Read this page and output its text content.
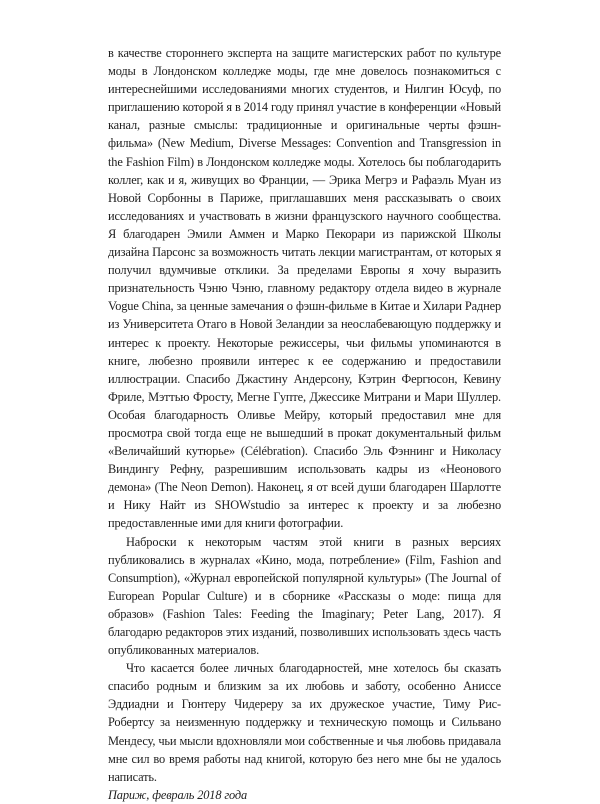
в качестве стороннего эксперта на защите магистерских работ по культуре моды в Лондонском колледже моды, где мне довелось познакомиться с интереснейшими исследованиями многих студентов, и Нилгин Юсуф, по приглашению которой я в 2014 году принял участие в конференции «Новый канал, разные смыслы: традиционные и оригинальные черты фэшн-фильма» (New Medium, Diverse Messages: Convention and Transgression in the Fashion Film) в Лондонском колледже моды. Хотелось бы поблагодарить коллег, как и я, живущих во Франции, — Эрика Мегрэ и Рафаэль Муан из Новой Сорбонны в Париже, приглашавших меня рассказывать о своих исследованиях и участвовать в жизни французского научного сообщества. Я благодарен Эмили Аммен и Марко Пекорари из парижской Школы дизайна Парсонс за возможность читать лекции магистрантам, от которых я получил вдумчивые отклики. За пределами Европы я хочу выразить признательность Чэню Чэню, главному редактору отдела видео в журнале Vogue China, за ценные замечания о фэшн-фильме в Китае и Хилари Раднер из Университета Отаго в Новой Зеландии за неослабевающую поддержку и интерес к проекту. Некоторые режиссеры, чьи фильмы упоминаются в книге, любезно проявили интерес к ее содержанию и предоставили иллюстрации. Спасибо Джастину Андерсону, Кэтрин Фергюсон, Кевину Фриле, Мэттью Фросту, Мегне Гупте, Джессике Митрани и Мари Шуллер. Особая благодарность Оливье Мейру, который предоставил мне для просмотра свой тогда еще не вышедший в прокат документальный фильм «Величайший кутюрье» (Célébration). Спасибо Эль Фэннинг и Николасу Виндингу Рефну, разрешившим использовать кадры из «Неонового демона» (The Neon Demon). Наконец, я от всей души благодарен Шарлотте и Нику Найт из SHOWstudio за интерес к проекту и за любезно предоставленные ими для книги фотографии.

Наброски к некоторым частям этой книги в разных версиях публиковались в журналах «Кино, мода, потребление» (Film, Fashion and Consumption), «Журнал европейской популярной культуры» (The Journal of European Popular Culture) и в сборнике «Рассказы о моде: пища для образов» (Fashion Tales: Feeding the Imaginary; Peter Lang, 2017). Я благодарю редакторов этих изданий, позволивших использовать здесь часть опубликованных материалов.

Что касается более личных благодарностей, мне хотелось бы сказать спасибо родным и близким за их любовь и заботу, особенно Аниссе Эддиадни и Гюнтеру Чидереру за их дружеское участие, Тиму Рис-Робертсу за неизменную поддержку и техническую помощь и Сильвано Мендесу, чьи мысли вдохновляли мои собственные и чья любовь придавала мне сил во время работы над книгой, которую без него мне бы не удалось написать.

Париж, февраль 2018 года
